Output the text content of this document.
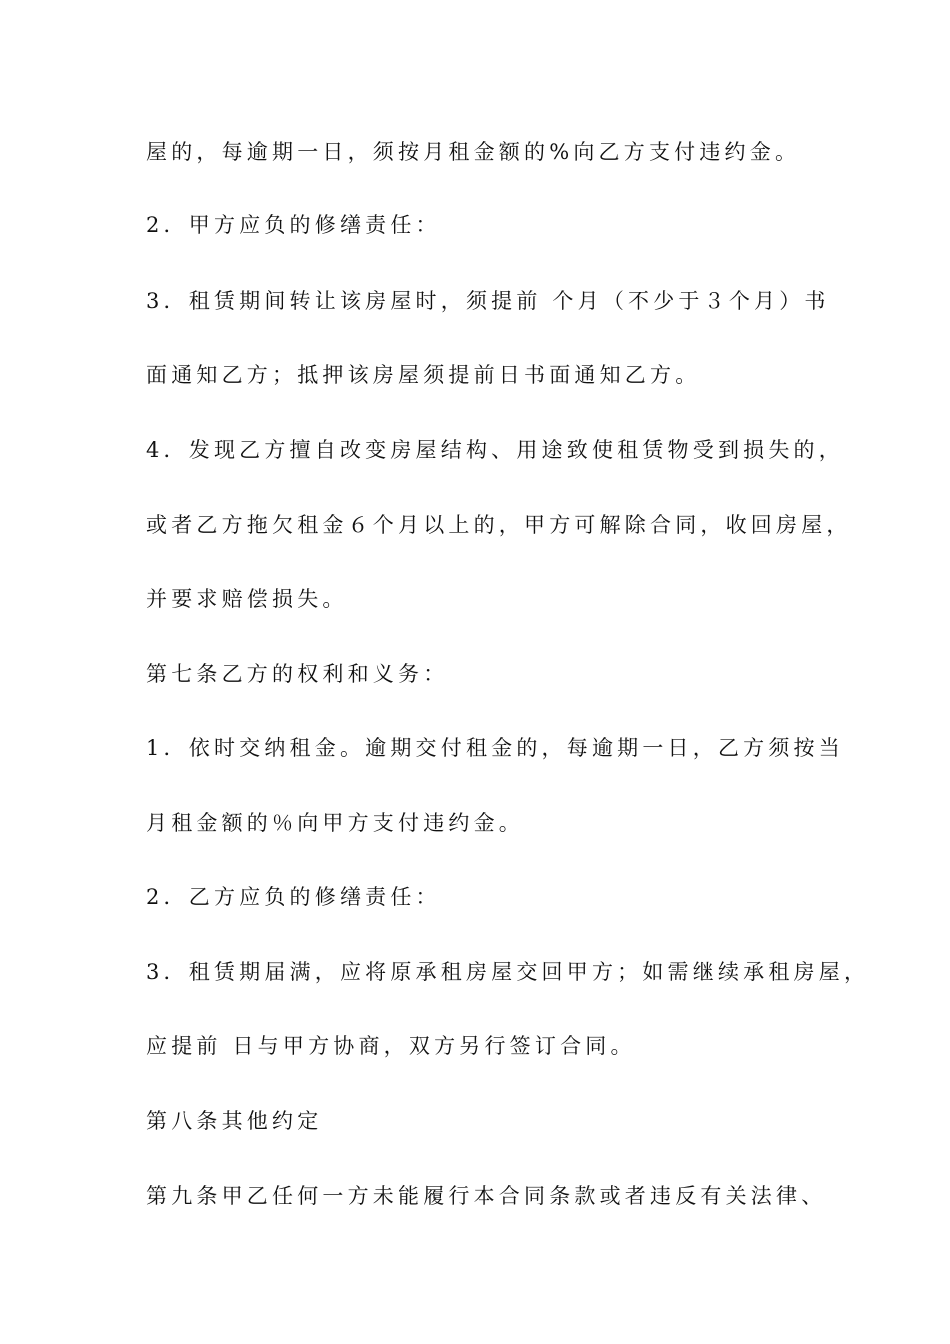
屋的，每逾期一日，须按月租金额的%向乙方支付违约金。
2．甲方应负的修缮责任：
3．租赁期间转让该房屋时，须提前 个月（不少于３个月）书
面通知乙方；抵押该房屋须提前日书面通知乙方。
4．发现乙方擅自改变房屋结构、用途致使租赁物受到损失的，
或者乙方拖欠租金６个月以上的，甲方可解除合同，收回房屋，
并要求赔偿损失。
第七条乙方的权利和义务：
1．依时交纳租金。逾期交付租金的，每逾期一日，乙方须按当
月租金额的％向甲方支付违约金。
2．乙方应负的修缮责任：
3．租赁期届满，应将原承租房屋交回甲方；如需继续承租房屋，
应提前 日与甲方协商，双方另行签订合同。
第八条其他约定
第九条甲乙任何一方未能履行本合同条款或者违反有关法律、
